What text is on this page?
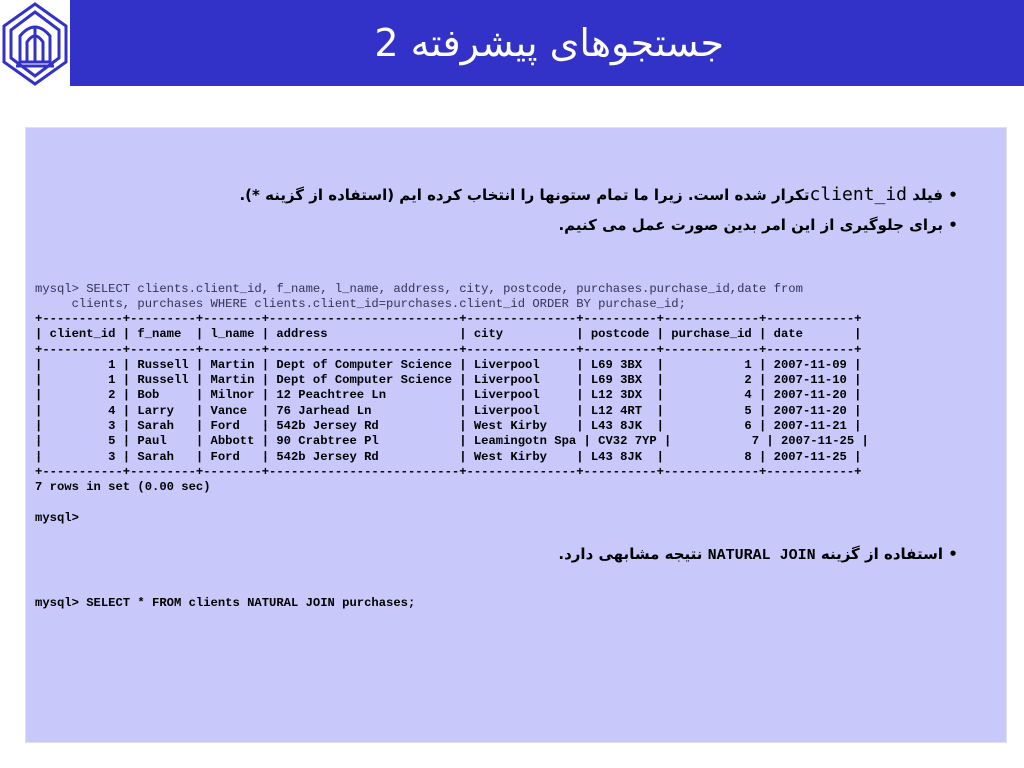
جستجوهای پیشرفته 2
•فیلد client_idتکرار شده است. زیرا ما تمام ستونها را انتخاب کرده ایم (استفاده از گزینه *).
•برای جلوگیری از این امر بدین صورت عمل می کنیم.
mysql> SELECT clients.client_id, f_name, l_name, address, city, postcode, purchases.purchase_id,date from
clients, purchases WHERE clients.client_id=purchases.client_id ORDER BY purchase_id;
+-----------+---------+--------+--------------------------+---------------+----------+-------------+------------+
| client_id | f_name  | l_name | address                  | city          | postcode | purchase_id | date       |
+-----------+---------+--------+--------------------------+---------------+----------+-------------+------------+
|         1 | Russell | Martin | Dept of Computer Science | Liverpool     | L69 3BX  |           1 | 2007-11-09 |
|         1 | Russell | Martin | Dept of Computer Science | Liverpool     | L69 3BX  |           2 | 2007-11-10 |
|         2 | Bob     | Milnor | 12 Peachtree Ln          | Liverpool     | L12 3DX  |           4 | 2007-11-20 |
|         4 | Larry   | Vance  | 76 Jarhead Ln            | Liverpool     | L12 4RT  |           5 | 2007-11-20 |
|         3 | Sarah   | Ford   | 542b Jersey Rd           | West Kirby    | L43 8JK  |           6 | 2007-11-21 |
|         5 | Paul    | Abbott | 90 Crabtree Pl           | Leamingotn Spa | CV32 7YP |           7 | 2007-11-25 |
|         3 | Sarah   | Ford   | 542b Jersey Rd           | West Kirby    | L43 8JK  |           8 | 2007-11-25 |
+-----------+---------+--------+--------------------------+---------------+----------+-------------+------------+
7 rows in set (0.00 sec)

mysql>
•استفاده از گزینه NATURAL JOIN نتیجه مشابهی دارد.
mysql> SELECT * FROM clients NATURAL JOIN purchases;
